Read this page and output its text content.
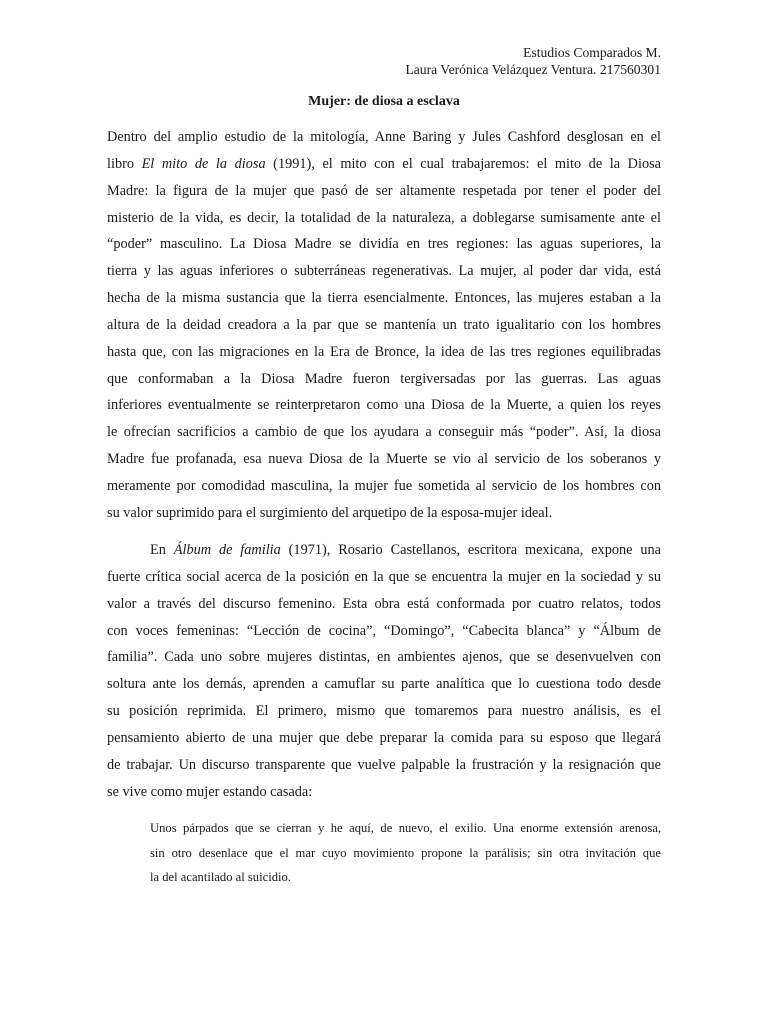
Estudios Comparados M.
Laura Verónica Velázquez Ventura. 217560301
Mujer: de diosa a esclava
Dentro del amplio estudio de la mitología, Anne Baring y Jules Cashford desglosan en el
libro El mito de la diosa (1991), el mito con el cual trabajaremos: el mito de la Diosa
Madre: la figura de la mujer que pasó de ser altamente respetada por tener el poder del
misterio de la vida, es decir, la totalidad de la naturaleza, a doblegarse sumisamente ante el
“poder” masculino. La Diosa Madre se dividía en tres regiones: las aguas superiores, la
tierra y las aguas inferiores o subterráneas regenerativas. La mujer, al poder dar vida, está
hecha de la misma sustancia que la tierra esencialmente. Entonces, las mujeres estaban a la
altura de la deidad creadora a la par que se mantenía un trato igualitario con los hombres
hasta que, con las migraciones en la Era de Bronce, la idea de las tres regiones equilibradas
que conformaban a la Diosa Madre fueron tergiversadas por las guerras. Las aguas
inferiores eventualmente se reinterpretaron como una Diosa de la Muerte, a quien los reyes
le ofrecían sacrificios a cambio de que los ayudara a conseguir más “poder”. Así, la diosa
Madre fue profanada, esa nueva Diosa de la Muerte se vio al servicio de los soberanos y
meramente por comodidad masculina, la mujer fue sometida al servicio de los hombres con
su valor suprimido para el surgimiento del arquetipo de la esposa-mujer ideal.
En Álbum de familia (1971), Rosario Castellanos, escritora mexicana, expone una
fuerte crítica social acerca de la posición en la que se encuentra la mujer en la sociedad y su
valor a través del discurso femenino. Esta obra está conformada por cuatro relatos, todos
con voces femeninas: “Lección de cocina”, “Domingo”, “Cabecita blanca” y “Álbum de
familia”. Cada uno sobre mujeres distintas, en ambientes ajenos, que se desenvuelven con
soltura ante los demás, aprenden a camuflar su parte analítica que lo cuestiona todo desde
su posición reprimida. El primero, mismo que tomaremos para nuestro análisis, es el
pensamiento abierto de una mujer que debe preparar la comida para su esposo que llegará
de trabajar. Un discurso transparente que vuelve palpable la frustración y la resignación que
se vive como mujer estando casada:
Unos párpados que se cierran y he aquí, de nuevo, el exilio. Una enorme extensión arenosa,
sin otro desenlace que el mar cuyo movimiento propone la parálisis; sin otra invitación que
la del acantilado al suicidio.
